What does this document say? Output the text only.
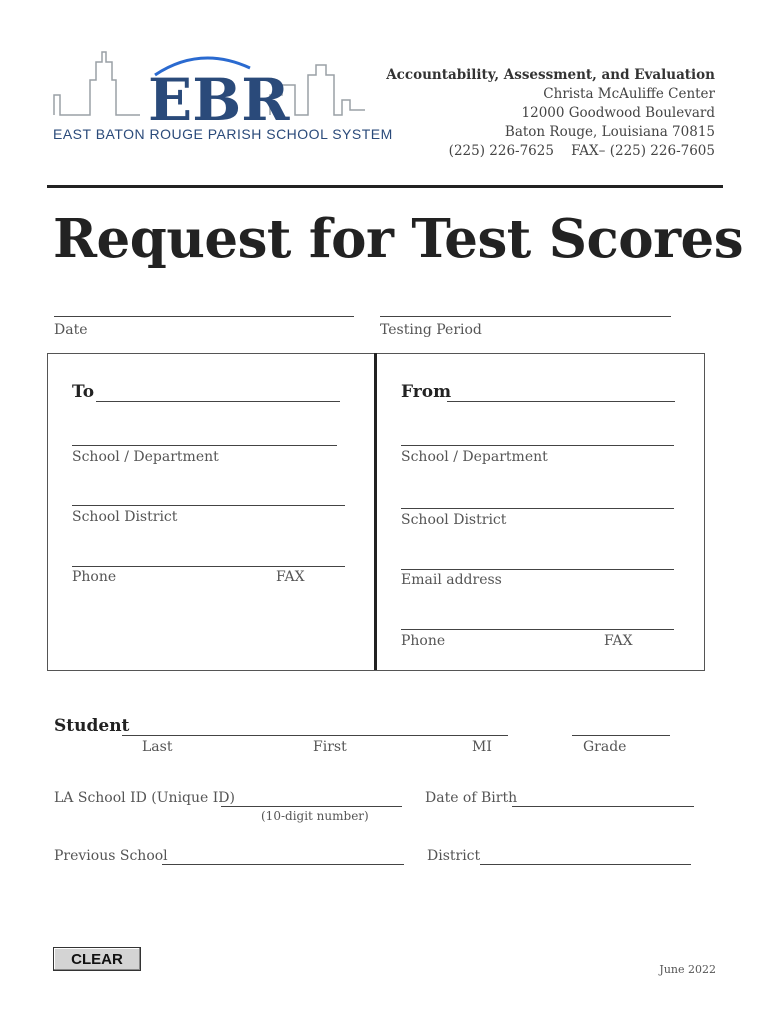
EBR
EAST BATON ROUGE PARISH SCHOOL SYSTEM
Accountability, Assessment, and Evaluation
Christa McAuliffe Center
12000 Goodwood Boulevard
Baton Rouge, Louisiana 70815
(225) 226-7625    FAX– (225) 226-7605
Request for Test Scores
Date	Testing Period
To
School / Department
School District
Phone	FAX
From
School / Department
School District
Email address
Phone	FAX
Student
Last	First	MI	Grade
LA School ID (Unique ID)
(10-digit number)
Date of Birth
Previous School	District
CLEAR
June 2022
